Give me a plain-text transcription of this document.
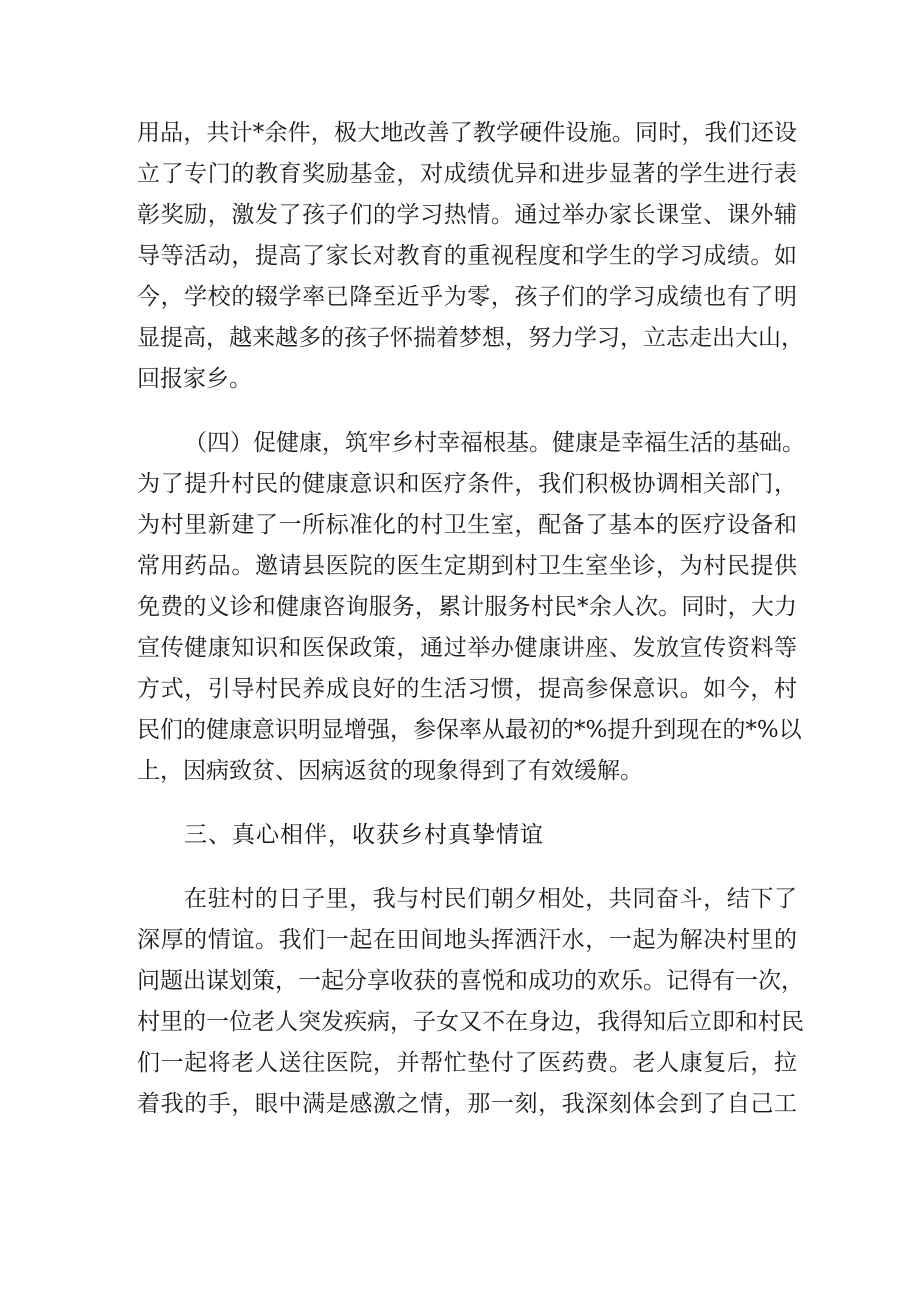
用品，共计*余件，极大地改善了教学硬件设施。同时，我们还设
立了专门的教育奖励基金，对成绩优异和进步显著的学生进行表
彰奖励，激发了孩子们的学习热情。通过举办家长课堂、课外辅
导等活动，提高了家长对教育的重视程度和学生的学习成绩。如
今，学校的辍学率已降至近乎为零，孩子们的学习成绩也有了明
显提高，越来越多的孩子怀揣着梦想，努力学习，立志走出大山，
回报家乡。
（四）促健康，筑牢乡村幸福根基。健康是幸福生活的基础。
为了提升村民的健康意识和医疗条件，我们积极协调相关部门，
为村里新建了一所标准化的村卫生室，配备了基本的医疗设备和
常用药品。邀请县医院的医生定期到村卫生室坐诊，为村民提供
免费的义诊和健康咨询服务，累计服务村民*余人次。同时，大力
宣传健康知识和医保政策，通过举办健康讲座、发放宣传资料等
方式，引导村民养成良好的生活习惯，提高参保意识。如今，村
民们的健康意识明显增强，参保率从最初的*%提升到现在的*%以
上，因病致贫、因病返贫的现象得到了有效缓解。
三、真心相伴，收获乡村真挚情谊
在驻村的日子里，我与村民们朝夕相处，共同奋斗，结下了
深厚的情谊。我们一起在田间地头挥洒汗水，一起为解决村里的
问题出谋划策，一起分享收获的喜悦和成功的欢乐。记得有一次，
村里的一位老人突发疾病，子女又不在身边，我得知后立即和村民
们一起将老人送往医院，并帮忙垫付了医药费。老人康复后，拉
着我的手，眼中满是感激之情，那一刻，我深刻体会到了自己工
